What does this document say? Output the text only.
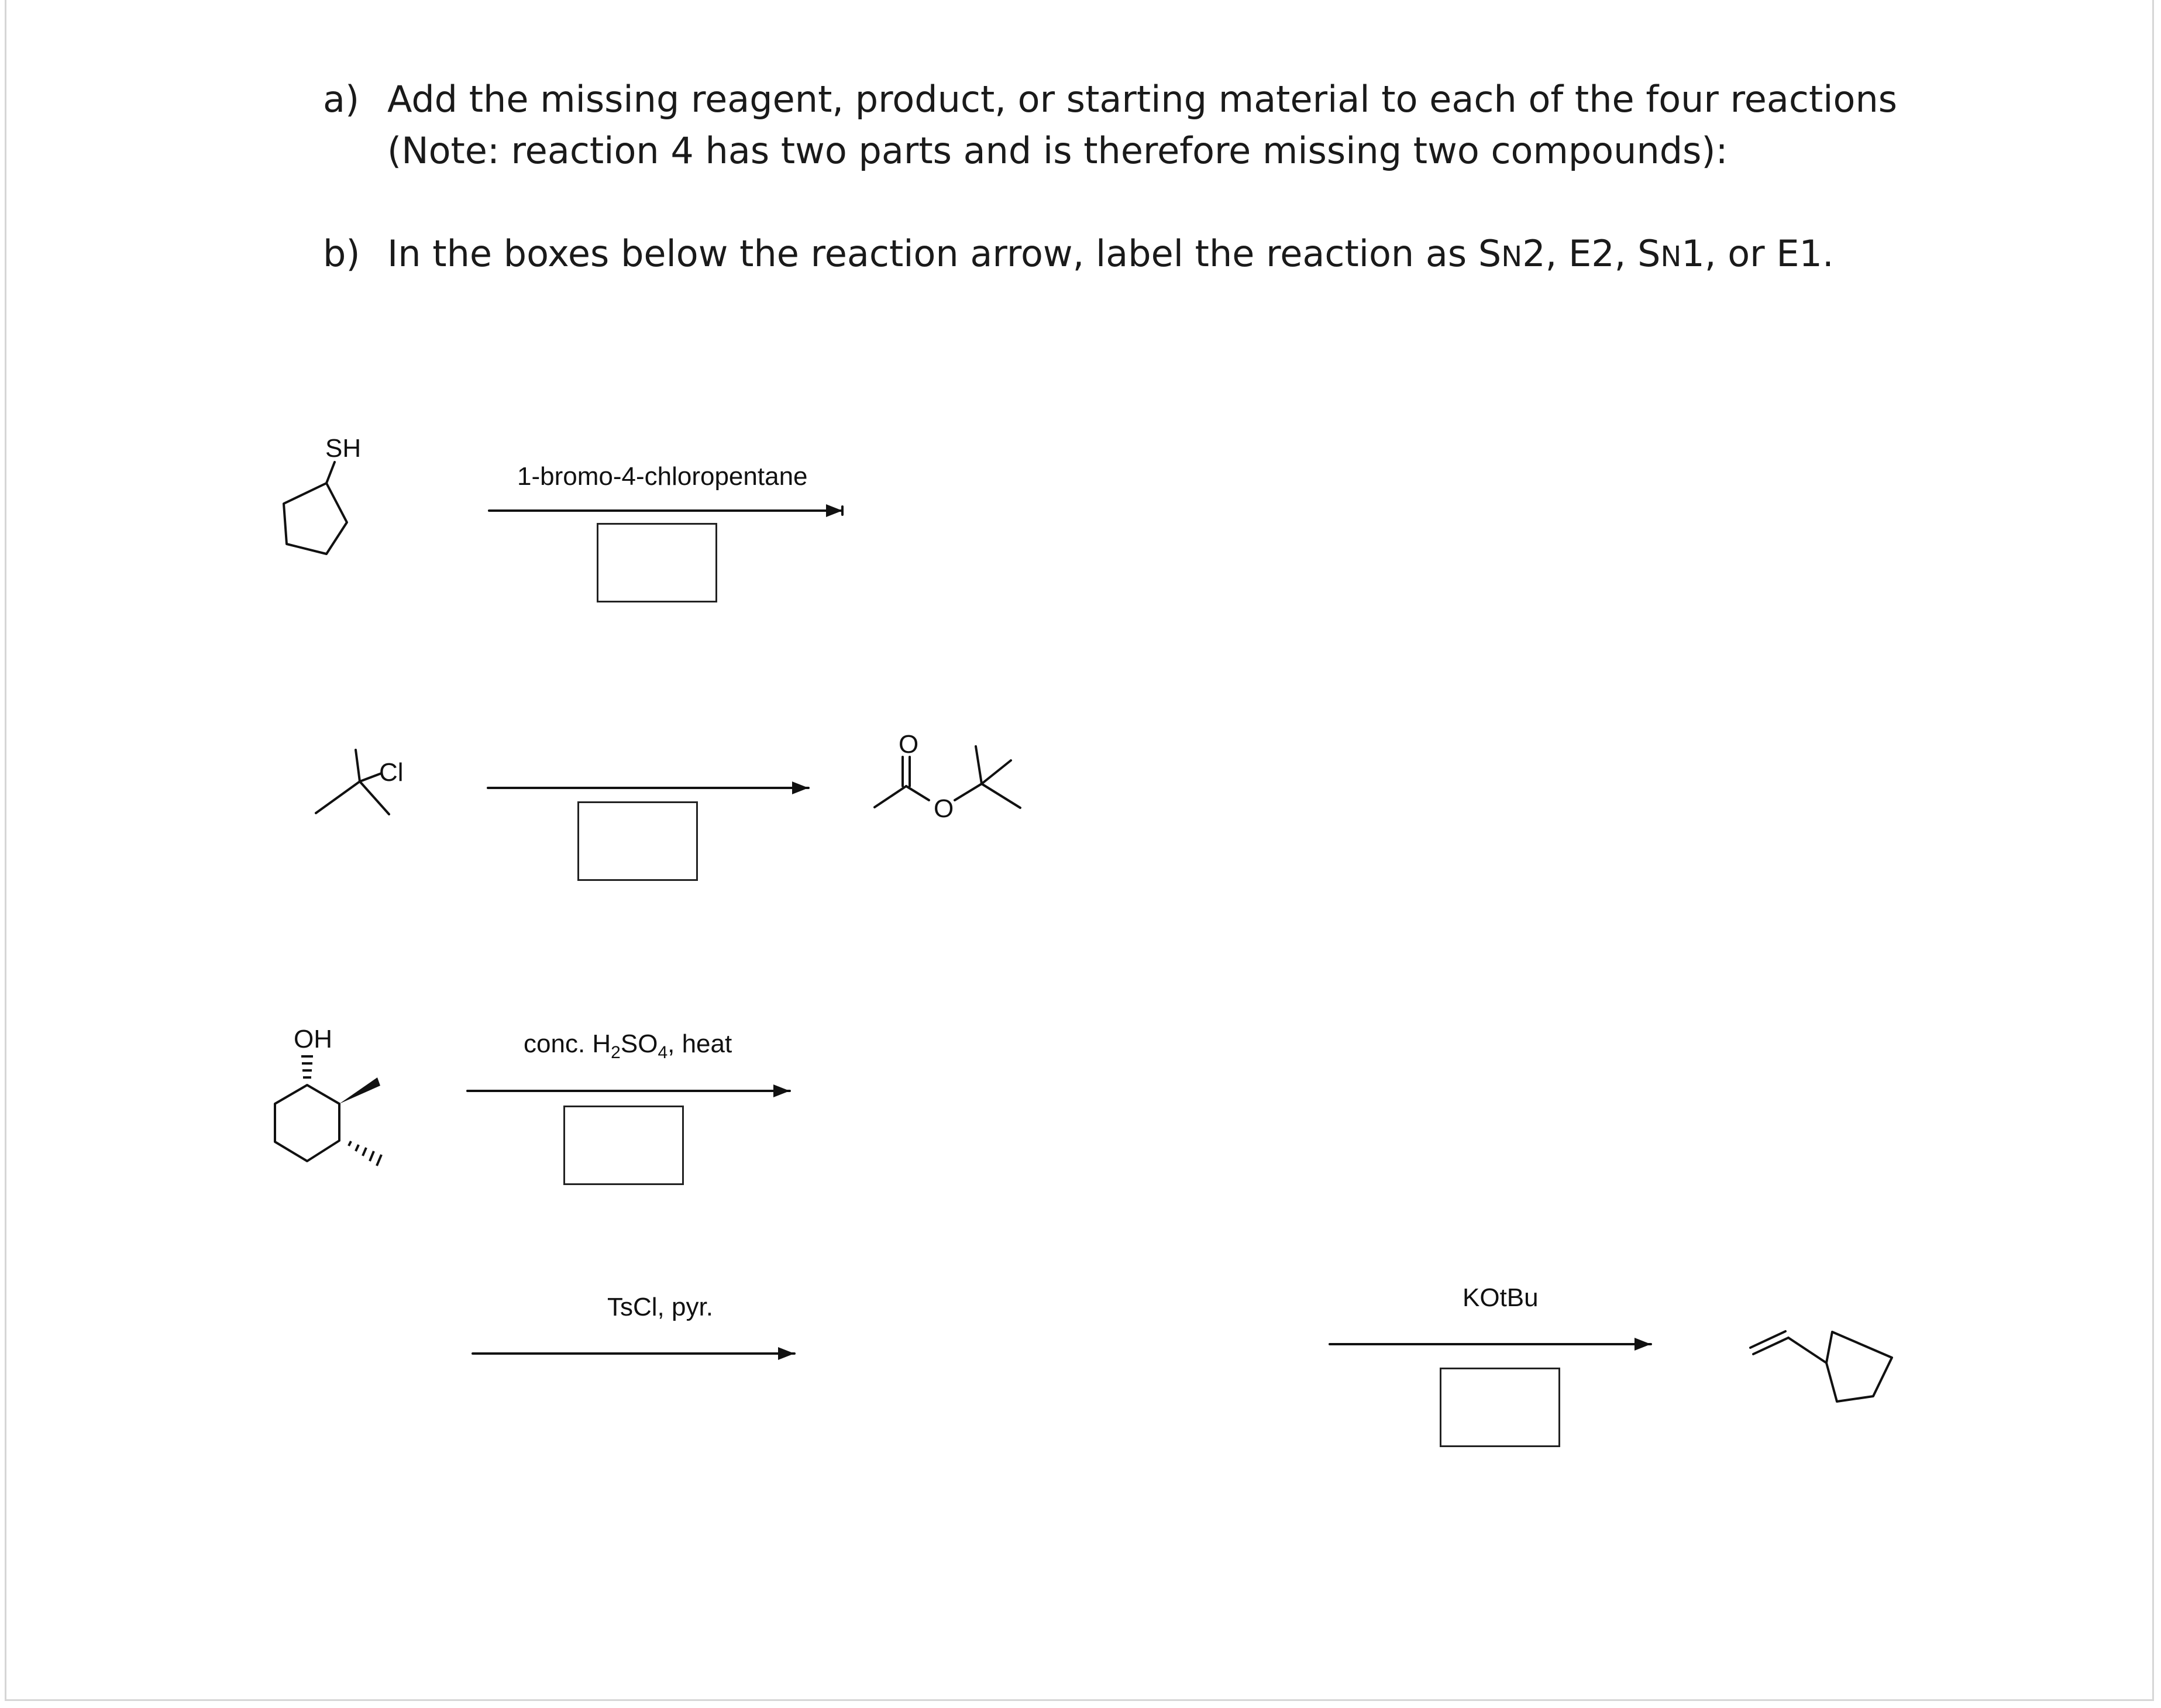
a) Add the missing reagent, product, or starting material to each of the four reactions
(Note: reaction 4 has two parts and is therefore missing two compounds):
b) In the boxes below the reaction arrow, label the reaction as SN2, E2, SN1, or E1.
SH
Cl
O
O
OH
1-bromo-4-chloropentane
conc. $H_2SO_4$, heat
TsCl, pyr.	KOtBu
